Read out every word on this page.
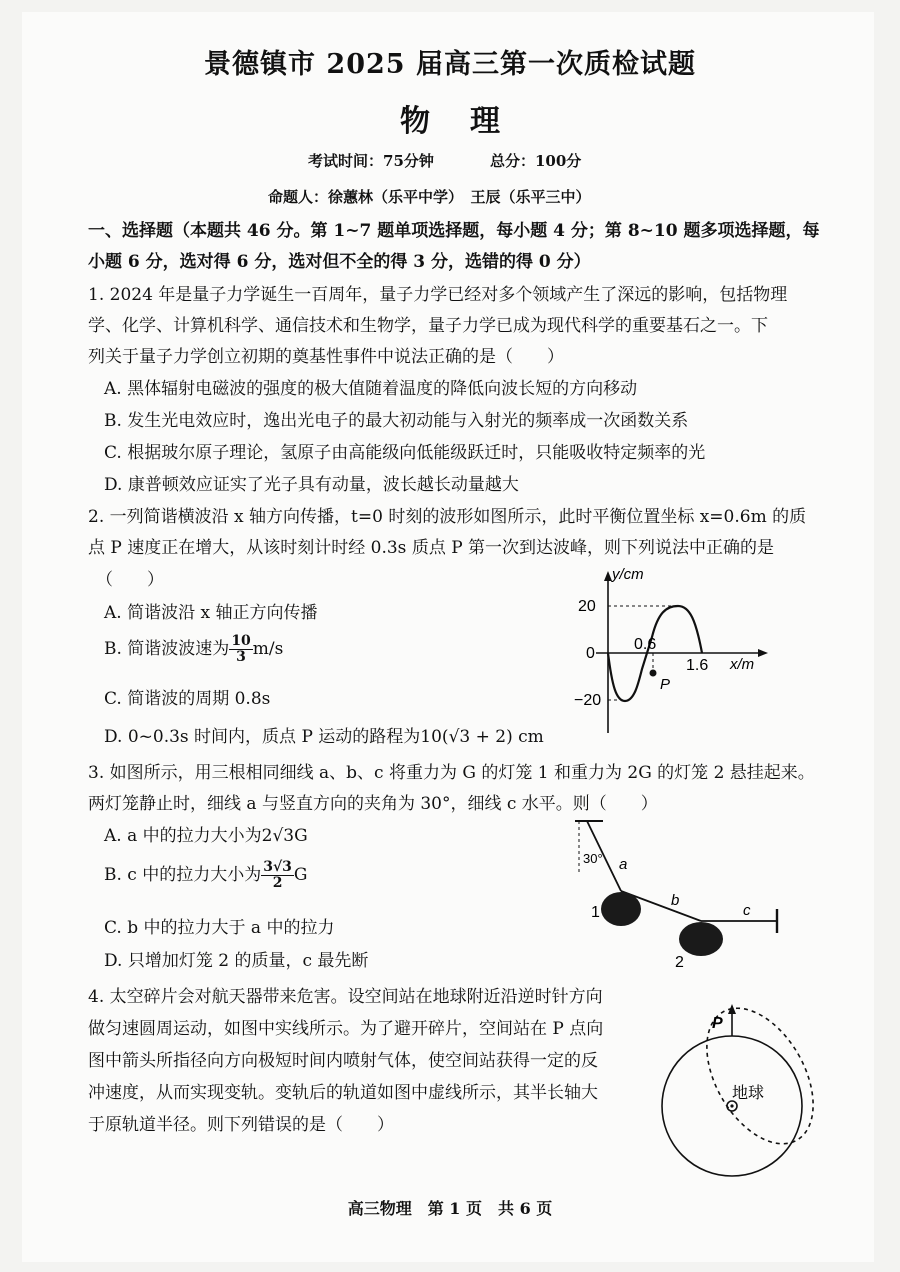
景德镇市 2025 届高三第一次质检试题
物理
考试时间：75分钟	总分：100分
命题人：徐蕙林（乐平中学）　王辰（乐平三中）
一、选择题（本题共 46 分。第 1~7 题单项选择题，每小题 4 分；第 8~10 题多项选择题，每
小题 6 分，选对得 6 分，选对但不全的得 3 分，选错的得 0 分）
1. 2024 年是量子力学诞生一百周年，量子力学已经对多个领域产生了深远的影响，包括物理
学、化学、计算机科学、通信技术和生物学，量子力学已成为现代科学的重要基石之一。下
列关于量子力学创立初期的奠基性事件中说法正确的是（　　）
A. 黑体辐射电磁波的强度的极大值随着温度的降低向波长短的方向移动
B. 发生光电效应时，逸出光电子的最大初动能与入射光的频率成一次函数关系
C. 根据玻尔原子理论，氢原子由高能级向低能级跃迁时，只能吸收特定频率的光
D. 康普顿效应证实了光子具有动量，波长越长动量越大
2. 一列简谐横波沿 x 轴方向传播，t=0 时刻的波形如图所示，此时平衡位置坐标 x=0.6m 的质
点 P 速度正在增大，从该时刻计时经 0.3s 质点 P 第一次到达波峰，则下列说法中正确的是
（　　）
A. 简谐波沿 x 轴正方向传播
B. 简谐波波速为 $\frac{10}{3} m/s$
C. 简谐波的周期 0.8s
D. 0~0.3s 时间内，质点 P 运动的路程为10(√3 + 2) cm
y/cm
20
−20
0
0.6
1.6 x/m
P
3. 如图所示，用三根相同细线 a、b、c 将重力为 G 的灯笼 1 和重力为 2G 的灯笼 2 悬挂起来。
两灯笼静止时，细线 a 与竖直方向的夹角为 30°，细线 c 水平。则（　　）
A. a 中的拉力大小为2√3G
B. c 中的拉力大小为 $\frac{3√3}{2}$ G
C. b 中的拉力大于 a 中的拉力
D. 只增加灯笼 2 的质量，c 最先断
30° a
b
c
1
2
4. 太空碎片会对航天器带来危害。设空间站在地球附近沿逆时针方向
做匀速圆周运动，如图中实线所示。为了避开碎片，空间站在 P 点向
图中箭头所指径向方向极短时间内喷射气体，使空间站获得一定的反
冲速度，从而实现变轨。变轨后的轨道如图中虚线所示，其半长轴大
于原轨道半径。则下列错误的是（　　）
P
地球
高三物理　第 1 页　共 6 页
